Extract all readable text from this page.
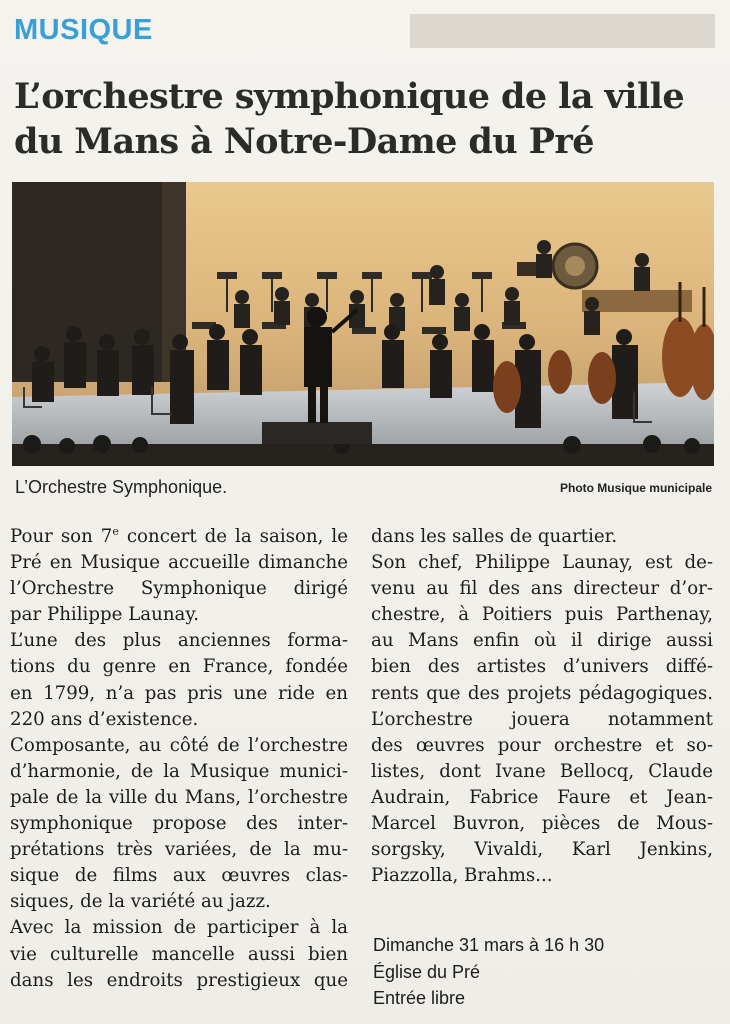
MUSIQUE
L’orchestre symphonique de la ville
du Mans à Notre-Dame du Pré
L’Orchestre Symphonique.	Photo Musique municipale
Pour son 7e concert de la saison, le
Pré en Musique accueille dimanche
l’Orchestre Symphonique dirigé
par Philippe Launay.
L’une des plus anciennes forma-
tions du genre en France, fondée
en 1799, n’a pas pris une ride en
220 ans d’existence.
Composante, au côté de l’orchestre
d’harmonie, de la Musique munici-
pale de la ville du Mans, l’orchestre
symphonique propose des inter-
prétations très variées, de la mu-
sique de films aux œuvres clas-
siques, de la variété au jazz.
Avec la mission de participer à la
vie culturelle mancelle aussi bien
dans les endroits prestigieux que
dans les salles de quartier.
Son chef, Philippe Launay, est de-
venu au fil des ans directeur d’or-
chestre, à Poitiers puis Parthenay,
au Mans enfin où il dirige aussi
bien des artistes d’univers diffé-
rents que des projets pédagogiques.
L’orchestre jouera notamment
des œuvres pour orchestre et so-
listes, dont Ivane Bellocq, Claude
Audrain, Fabrice Faure et Jean-
Marcel Buvron, pièces de Mous-
sorgsky, Vivaldi, Karl Jenkins,
Piazzolla, Brahms...
Dimanche 31 mars à 16 h 30
Église du Pré
Entrée libre
